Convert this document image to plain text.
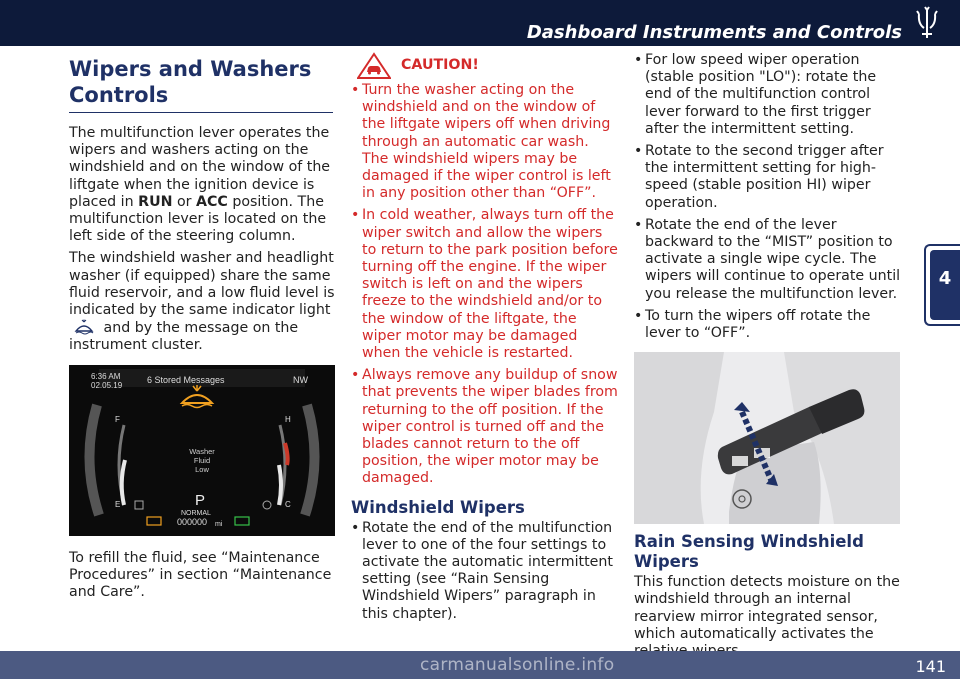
Dashboard Instruments and Controls
4
Wipers and Washers
Controls

The multifunction lever operates the wipers and washers acting on the windshield and on the window of the liftgate when the ignition device is placed in RUN or ACC position. The multifunction lever is located on the left side of the steering column.

The windshield washer and headlight washer (if equipped) share the same fluid reservoir, and a low fluid level is indicated by the same indicator light  and by the message on the instrument cluster.

6:36 AM
02.05.19
6 Stored Messages	NW
Washer
Fluid
Low
P
NORMAL
000000 mi
F
E
H
C

To refill the fluid, see “Maintenance Procedures” in section “Maintenance and Care”.

CAUTION!

• Turn the washer acting on the windshield and on the window of the liftgate wipers off when driving through an automatic car wash. The windshield wipers may be damaged if the wiper control is left in any position other than “OFF”.

• In cold weather, always turn off the wiper switch and allow the wipers to return to the park position before turning off the engine. If the wiper switch is left on and the wipers freeze to the windshield and/or to the window of the liftgate, the wiper motor may be damaged when the vehicle is restarted.

• Always remove any buildup of snow that prevents the wiper blades from returning to the off position. If the wiper control is turned off and the blades cannot return to the off position, the wiper motor may be damaged.

Windshield Wipers

• Rotate the end of the multifunction lever to one of the four settings to activate the automatic intermittent setting (see “Rain Sensing Windshield Wipers” paragraph in this chapter).

• For low speed wiper operation (stable position "LO"): rotate the end of the multifunction control lever forward to the first trigger after the intermittent setting.

• Rotate to the second trigger after the intermittent setting for high-speed (stable position HI) wiper operation.

• Rotate the end of the lever backward to the “MIST” position to activate a single wipe cycle. The wipers will continue to operate until you release the multifunction lever.

• To turn the wipers off rotate the lever to “OFF”.

Rain Sensing Windshield
Wipers

This function detects moisture on the windshield through an internal rearview mirror integrated sensor, which automatically activates the

carmanualsonline.info	141
